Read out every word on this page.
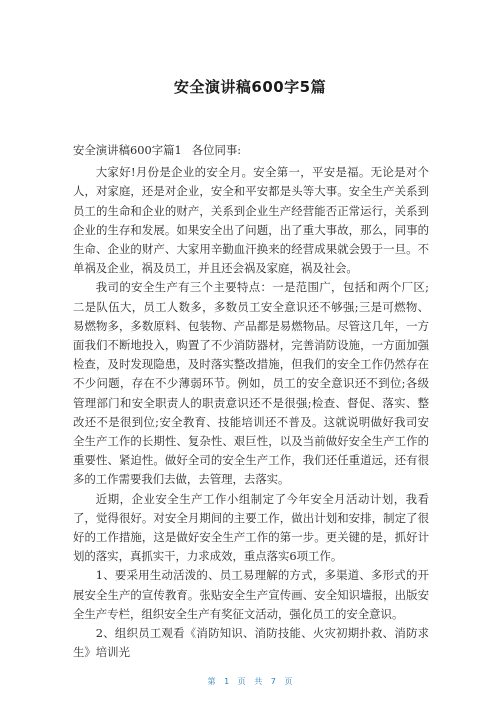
安全演讲稿600字5篇

安全演讲稿600字篇1 各位同事:

大家好!月份是企业的安全月。安全第一，平安是福。无论是对个人，对家庭，还是对企业，安全和平安都是头等大事。安全生产关系到员工的生命和企业的财产，关系到企业生产经营能否正常运行，关系到企业的生存和发展。如果安全出了问题，出了重大事故，那么，同事的生命、企业的财产、大家用辛勤血汗换来的经营成果就会毁于一旦。不单祸及企业，祸及员工，并且还会祸及家庭，祸及社会。

我司的安全生产有三个主要特点：一是范围广，包括和两个厂区;二是队伍大，员工人数多，多数员工安全意识还不够强;三是可燃物、易燃物多，多数原料、包装物、产品都是易燃物品。尽管这几年，一方面我们不断地投入，购置了不少消防器材，完善消防设施，一方面加强检查，及时发现隐患，及时落实整改措施，但我们的安全工作仍然存在不少问题，存在不少薄弱环节。例如，员工的安全意识还不到位;各级管理部门和安全职责人的职责意识还不是很强;检查、督促、落实、整改还不是很到位;安全教育、技能培训还不普及。这就说明做好我司安全生产工作的长期性、复杂性、艰巨性，以及当前做好安全生产工作的重要性、紧迫性。做好全司的安全生产工作，我们还任重道远，还有很多的工作需要我们去做，去管理，去落实。

近期，企业安全生产工作小组制定了今年安全月活动计划，我看了，觉得很好。对安全月期间的主要工作，做出计划和安排，制定了很好的工作措施，这是做好安全生产工作的第一步。更关键的是，抓好计划的落实，真抓实干，力求成效，重点落实6项工作。

1、要采用生动活泼的、员工易理解的方式，多渠道、多形式的开展安全生产的宣传教育。张贴安全生产宣传画、安全知识墙报，出版安全生产专栏，组织安全生产有奖征文活动，强化员工的安全意识。

2、组织员工观看《消防知识、消防技能、火灾初期扑救、消防求生》培训光

第 1 页 共 7 页
